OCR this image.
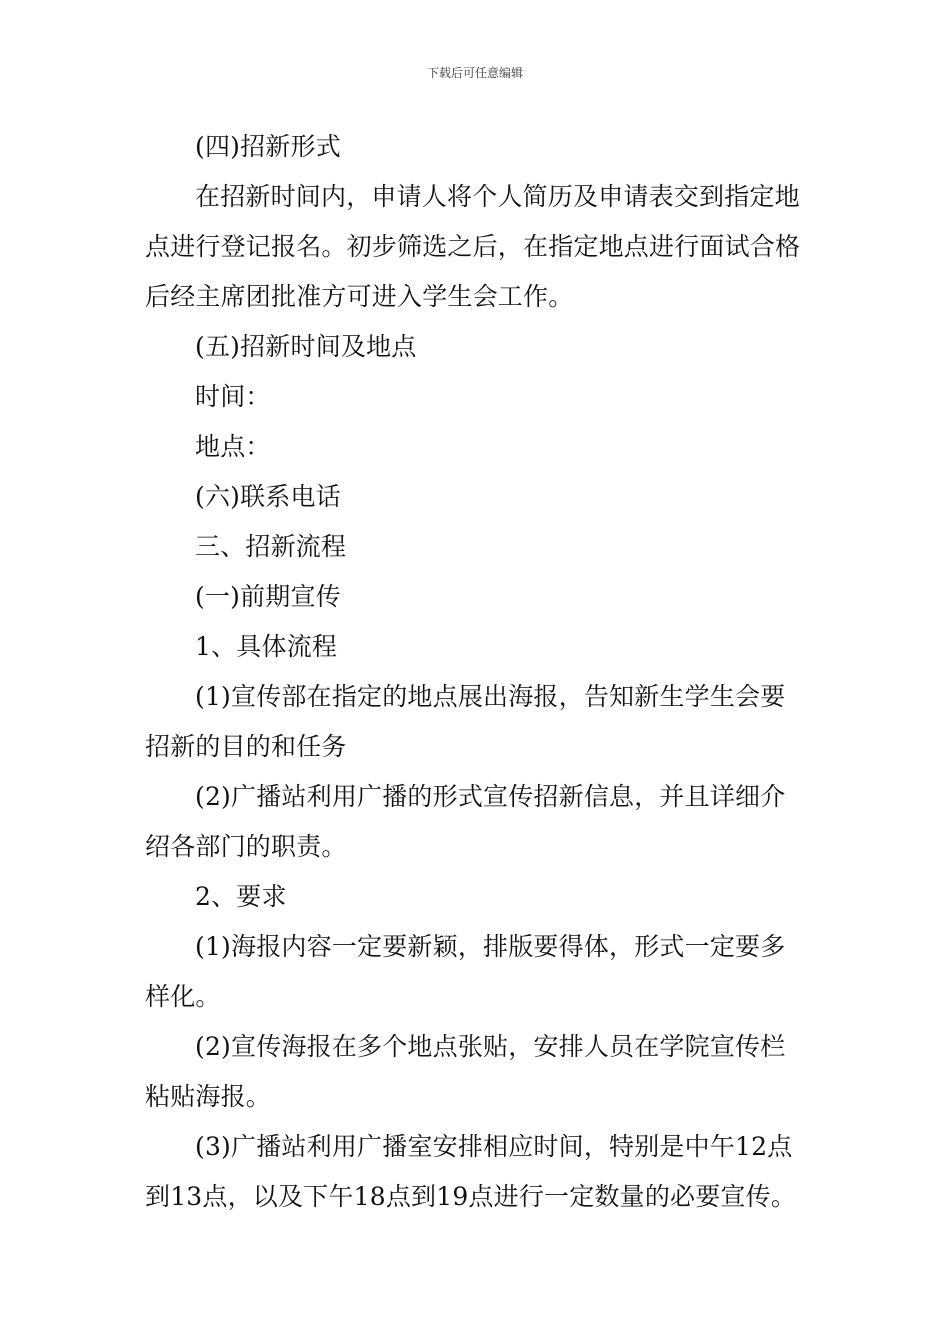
下载后可任意编辑

(四)招新形式

在招新时间内，申请人将个人简历及申请表交到指定地点进行登记报名。初步筛选之后，在指定地点进行面试合格后经主席团批准方可进入学生会工作。

(五)招新时间及地点

时间：

地点：

(六)联系电话

三、招新流程

(一)前期宣传

1、具体流程

(1)宣传部在指定的地点展出海报，告知新生学生会要招新的目的和任务

(2)广播站利用广播的形式宣传招新信息，并且详细介绍各部门的职责。

2、要求

(1)海报内容一定要新颖，排版要得体，形式一定要多样化。

(2)宣传海报在多个地点张贴，安排人员在学院宣传栏粘贴海报。

(3)广播站利用广播室安排相应时间，特别是中午12点到13点，以及下午18点到19点进行一定数量的必要宣传。
